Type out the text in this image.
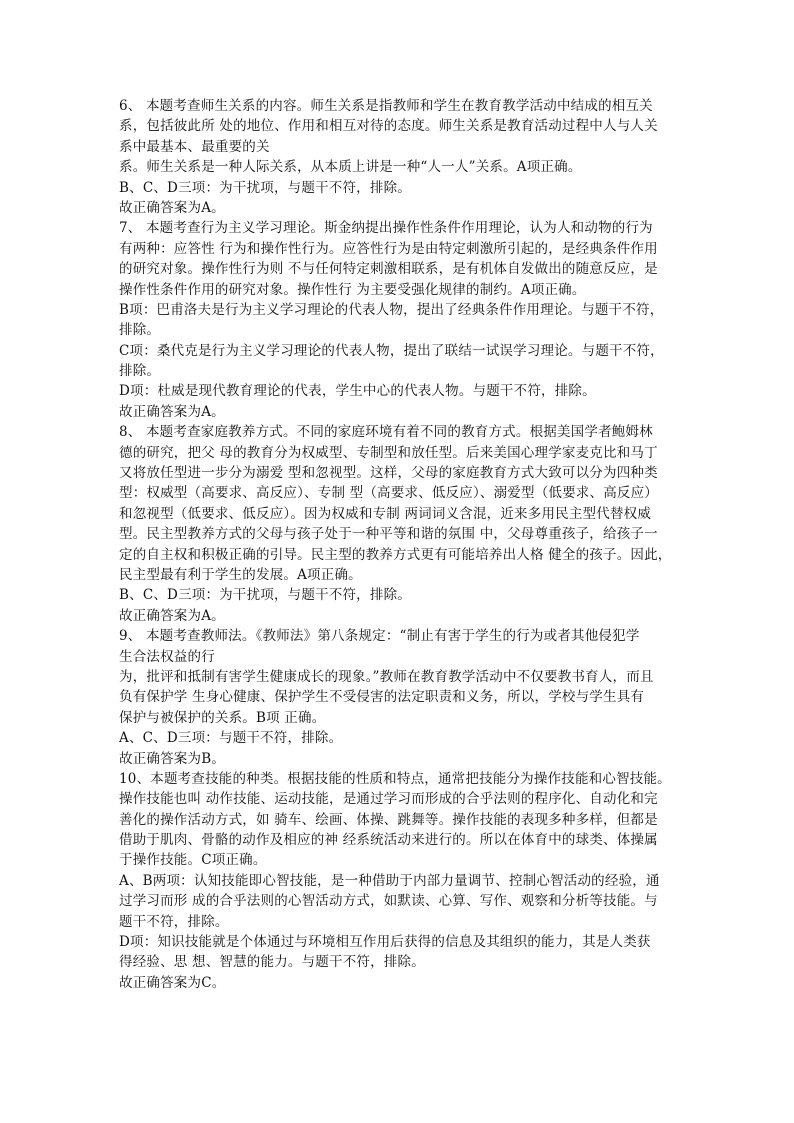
6、 本题考查师生关系的内容。师生关系是指教师和学生在教育教学活动中结成的相互关
系，包括彼此所 处的地位、作用和相互对待的态度。师生关系是教育活动过程中人与人关
系中最基本、最重要的关
系。师生关系是一种人际关系，从本质上讲是一种“人一人”关系。A项正确。
B、C、D三项：为干扰项，与题干不符，排除。
故正确答案为A。
7、 本题考查行为主义学习理论。斯金纳提出操作性条件作用理论，认为人和动物的行为
有两种：应答性 行为和操作性行为。应答性行为是由特定刺激所引起的，是经典条件作用
的研究对象。操作性行为则 不与任何特定刺激相联系，是有机体自发做出的随意反应，是
操作性条件作用的研究对象。操作性行 为主要受强化规律的制约。A项正确。
B项：巴甫洛夫是行为主义学习理论的代表人物，提出了经典条件作用理论。与题干不符，
排除。
C项：桑代克是行为主义学习理论的代表人物，提出了联结一试误学习理论。与题干不符，
排除。
D项：杜威是现代教育理论的代表，学生中心的代表人物。与题干不符，排除。
故正确答案为A。
8、 本题考查家庭教养方式。不同的家庭环境有着不同的教育方式。根据美国学者鲍姆林
德的研究，把父 母的教育分为权威型、专制型和放任型。后来美国心理学家麦克比和马丁
又将放任型进一步分为溺爱 型和忽视型。这样，父母的家庭教育方式大致可以分为四种类
型：权威型（高要求、高反应）、专制 型（高要求、低反应）、溺爱型（低要求、高反应）
和忽视型（低要求、低反应）。因为权威和专制 两词词义含混，近来多用民主型代替权威
型。民主型教养方式的父母与孩子处于一种平等和谐的氛围 中，父母尊重孩子，给孩子一
定的自主权和积极正确的引导。民主型的教养方式更有可能培养出人格 健全的孩子。因此，
民主型最有利于学生的发展。A项正确。
B、C、D三项：为干扰项，与题干不符，排除。
故正确答案为A。
9、 本题考查教师法。《教师法》第八条规定：“制止有害于学生的行为或者其他侵犯学
生合法权益的行
为，批评和抵制有害学生健康成长的现象。”教师在教育教学活动中不仅要教书育人，而且
负有保护学 生身心健康、保护学生不受侵害的法定职责和义务，所以，学校与学生具有
保护与被保护的关系。B项 正确。
A、C、D三项：与题干不符，排除。
故正确答案为B。
10、本题考查技能的种类。根据技能的性质和特点，通常把技能分为操作技能和心智技能。
操作技能也叫 动作技能、运动技能，是通过学习而形成的合乎法则的程序化、自动化和完
善化的操作活动方式，如 骑车、绘画、体操、跳舞等。操作技能的表现多种多样，但都是
借助于肌肉、骨骼的动作及相应的神 经系统活动来进行的。所以在体育中的球类、体操属
于操作技能。C项正确。
A、B两项：认知技能即心智技能，是一种借助于内部力量调节、控制心智活动的经验，通
过学习而形 成的合乎法则的心智活动方式，如默读、心算、写作、观察和分析等技能。与
题干不符，排除。
D项：知识技能就是个体通过与环境相互作用后获得的信息及其组织的能力，其是人类获
得经验、思 想、智慧的能力。与题干不符，排除。
故正确答案为C。
